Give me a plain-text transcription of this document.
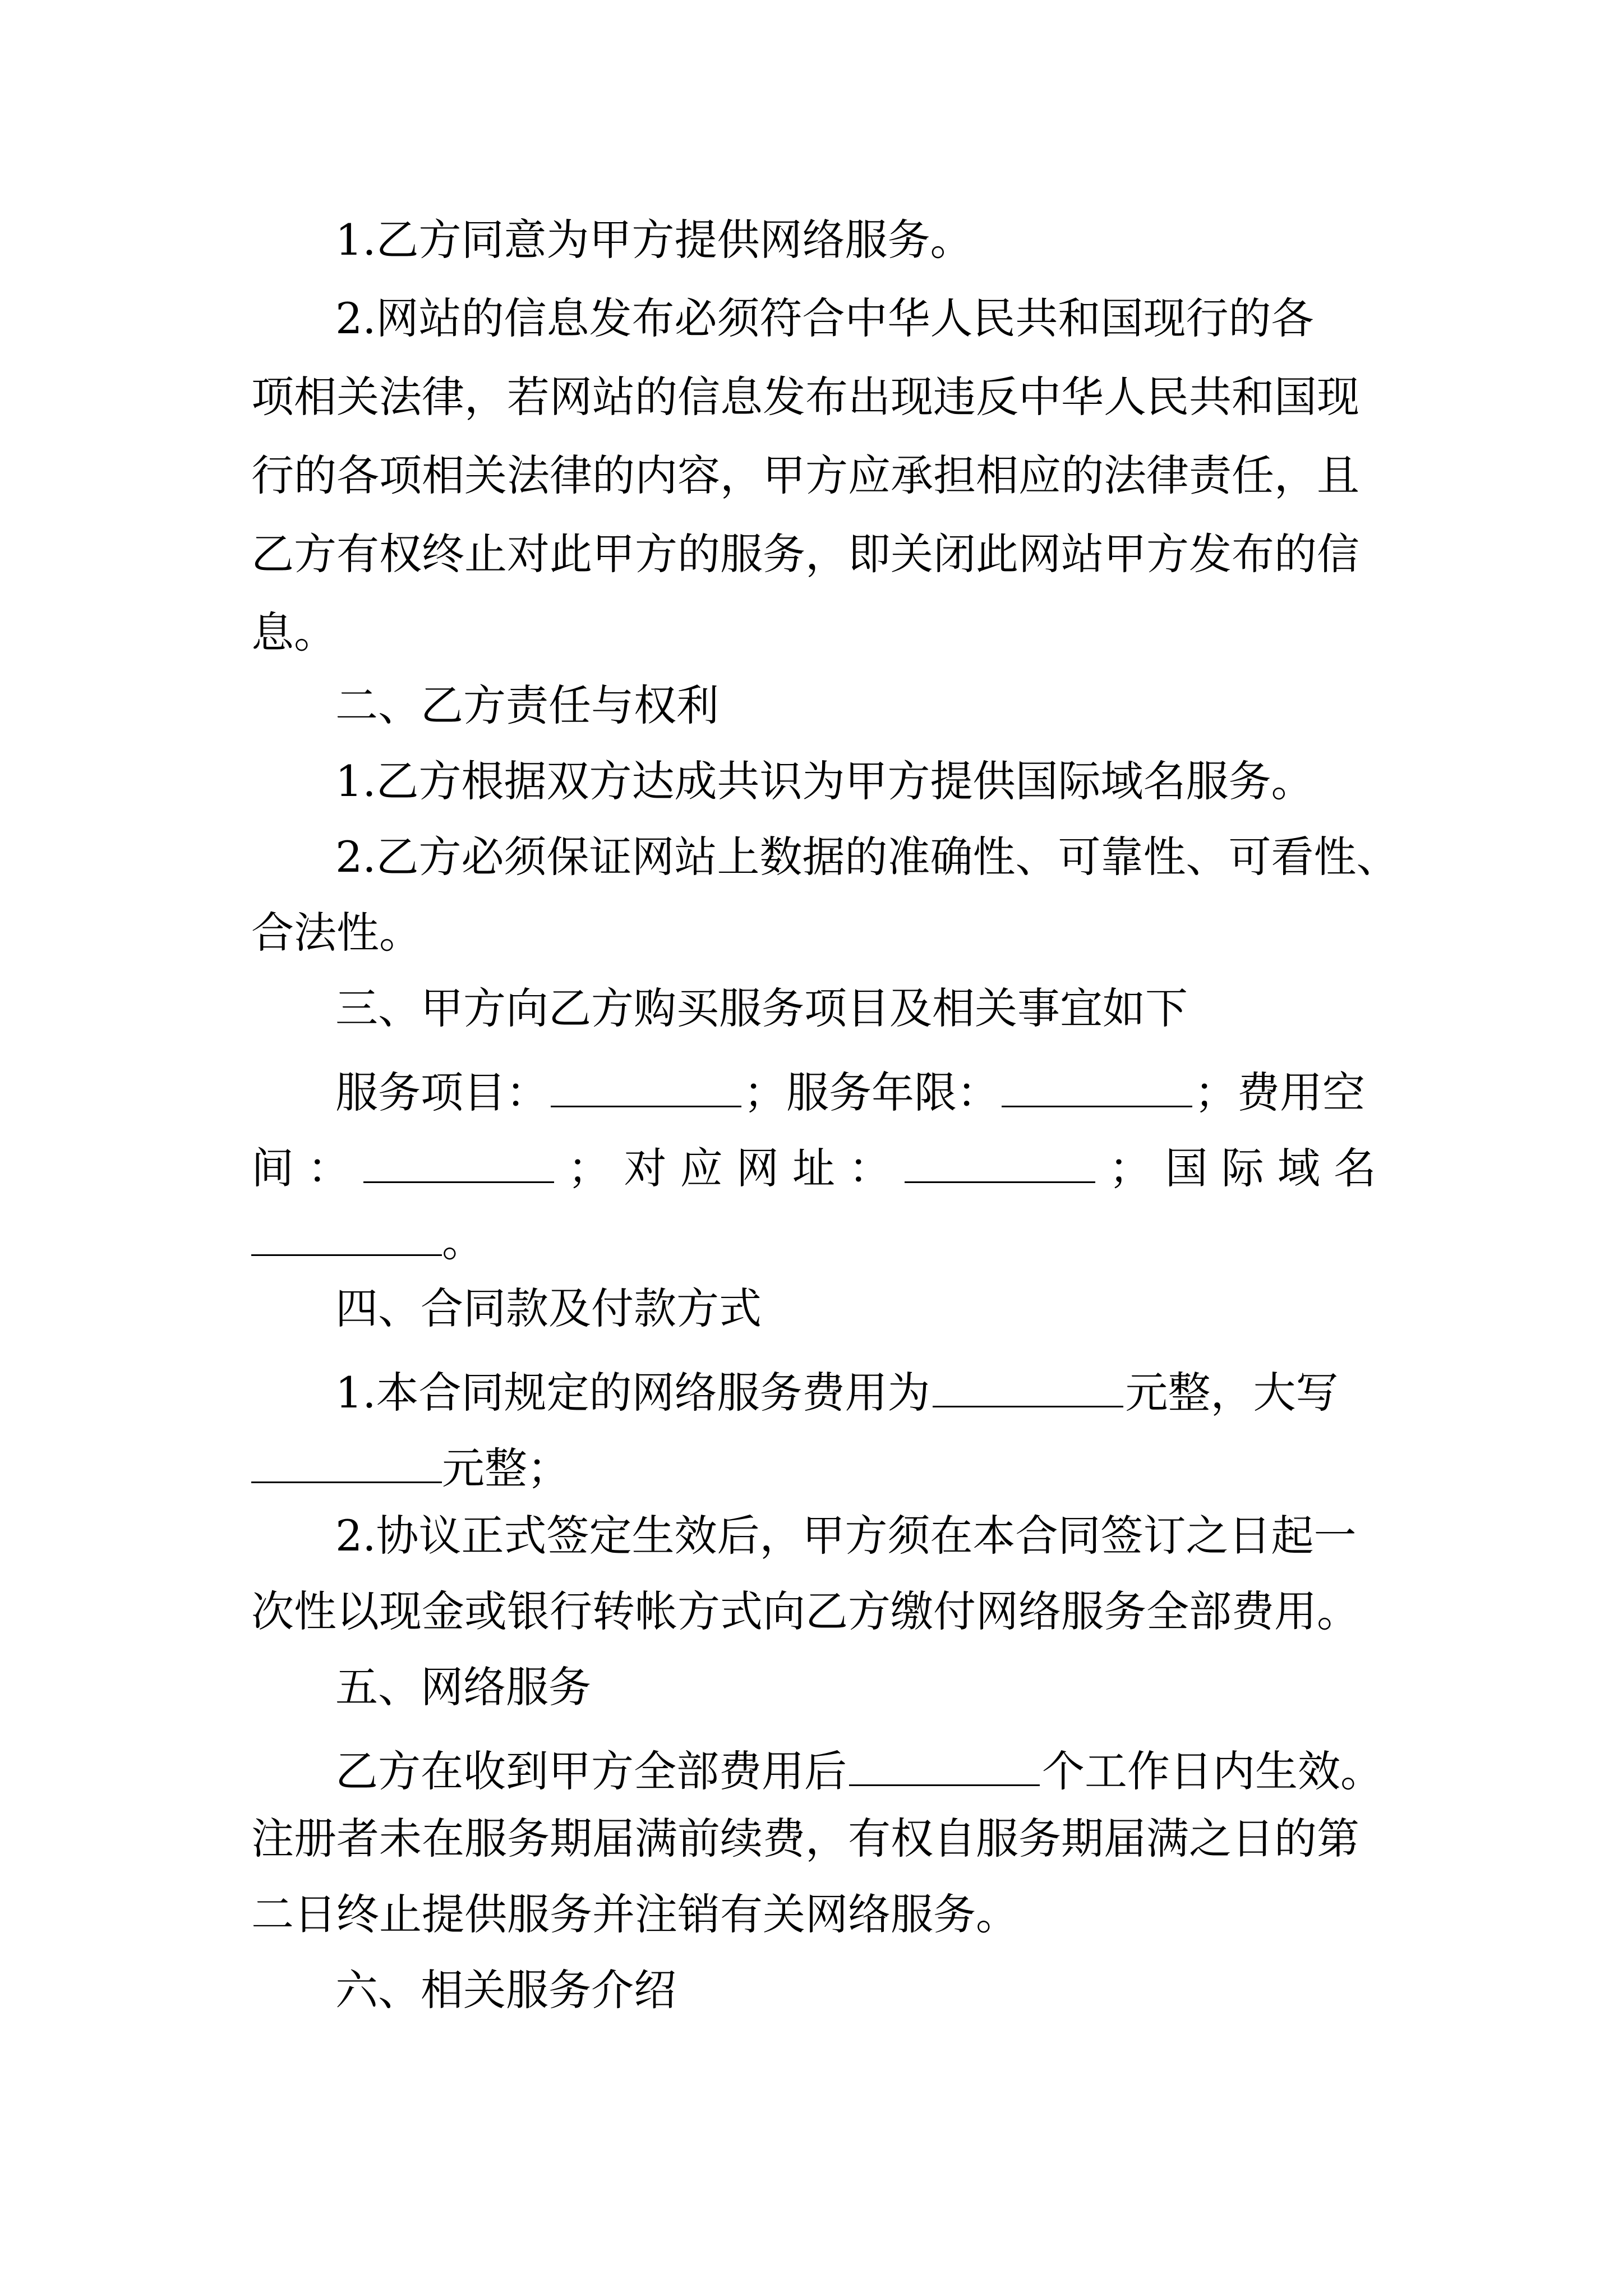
1.乙方同意为甲方提供网络服务。
2.网站的信息发布必须符合中华人民共和国现行的各
项相关法律，若网站的信息发布出现违反中华人民共和国现
行的各项相关法律的内容，甲方应承担相应的法律责任，且
乙方有权终止对此甲方的服务，即关闭此网站甲方发布的信
息。
二、乙方责任与权利
1.乙方根据双方达成共识为甲方提供国际域名服务。
2.乙方必须保证网站上数据的准确性、可靠性、可看性、
合法性。
三、甲方向乙方购买服务项目及相关事宜如下
服务项目：	；服务年限：	；费用空
间 ：	； 对 应 网 址 ：	； 国 际 域 名
。
四、合同款及付款方式
1.本合同规定的网络服务费用为	元整，大写
元整；
2.协议正式签定生效后，甲方须在本合同签订之日起一
次性以现金或银行转帐方式向乙方缴付网络服务全部费用。
五、网络服务
乙方在收到甲方全部费用后	个工作日内生效。
注册者未在服务期届满前续费，有权自服务期届满之日的第
二日终止提供服务并注销有关网络服务。
六、相关服务介绍
